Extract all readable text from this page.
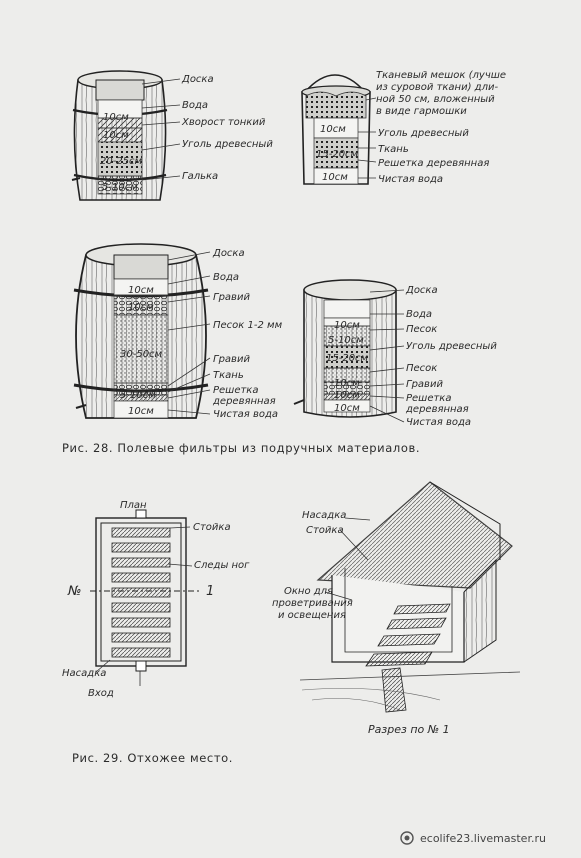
10см
10см
20-25см
5-10см
Доска
Вода
Хворост тонкий
Уголь древесный
Галька
10см
15-20см
10см
Тканевый мешок (лучше
из суровой ткани) дли-
ной 50 см, вложенный
в виде гармошки
Уголь древесный
Ткань
Решетка деревянная
Чистая вода
10см
10см
30-50см
5-10см
10см
Доска
Вода
Гравий
Песок 1-2 мм
Гравий
Ткань
Решетка
деревянная
Чистая вода
10см
5-10см
15-20см
10см
10см
10см
Доска
Вода
Песок
Уголь древесный
Песок
Гравий
Решетка
деревянная
Чистая вода
Рис. 28. Полевые фильтры из подручных материалов.
План
Стойка
Следы ног
Насадка
Вход
№	1
Насадка
Стойка
Окно для
проветривания
и освещения
Разрез по № 1
Рис. 29. Отхожее место.
ecolife23.livemaster.ru
